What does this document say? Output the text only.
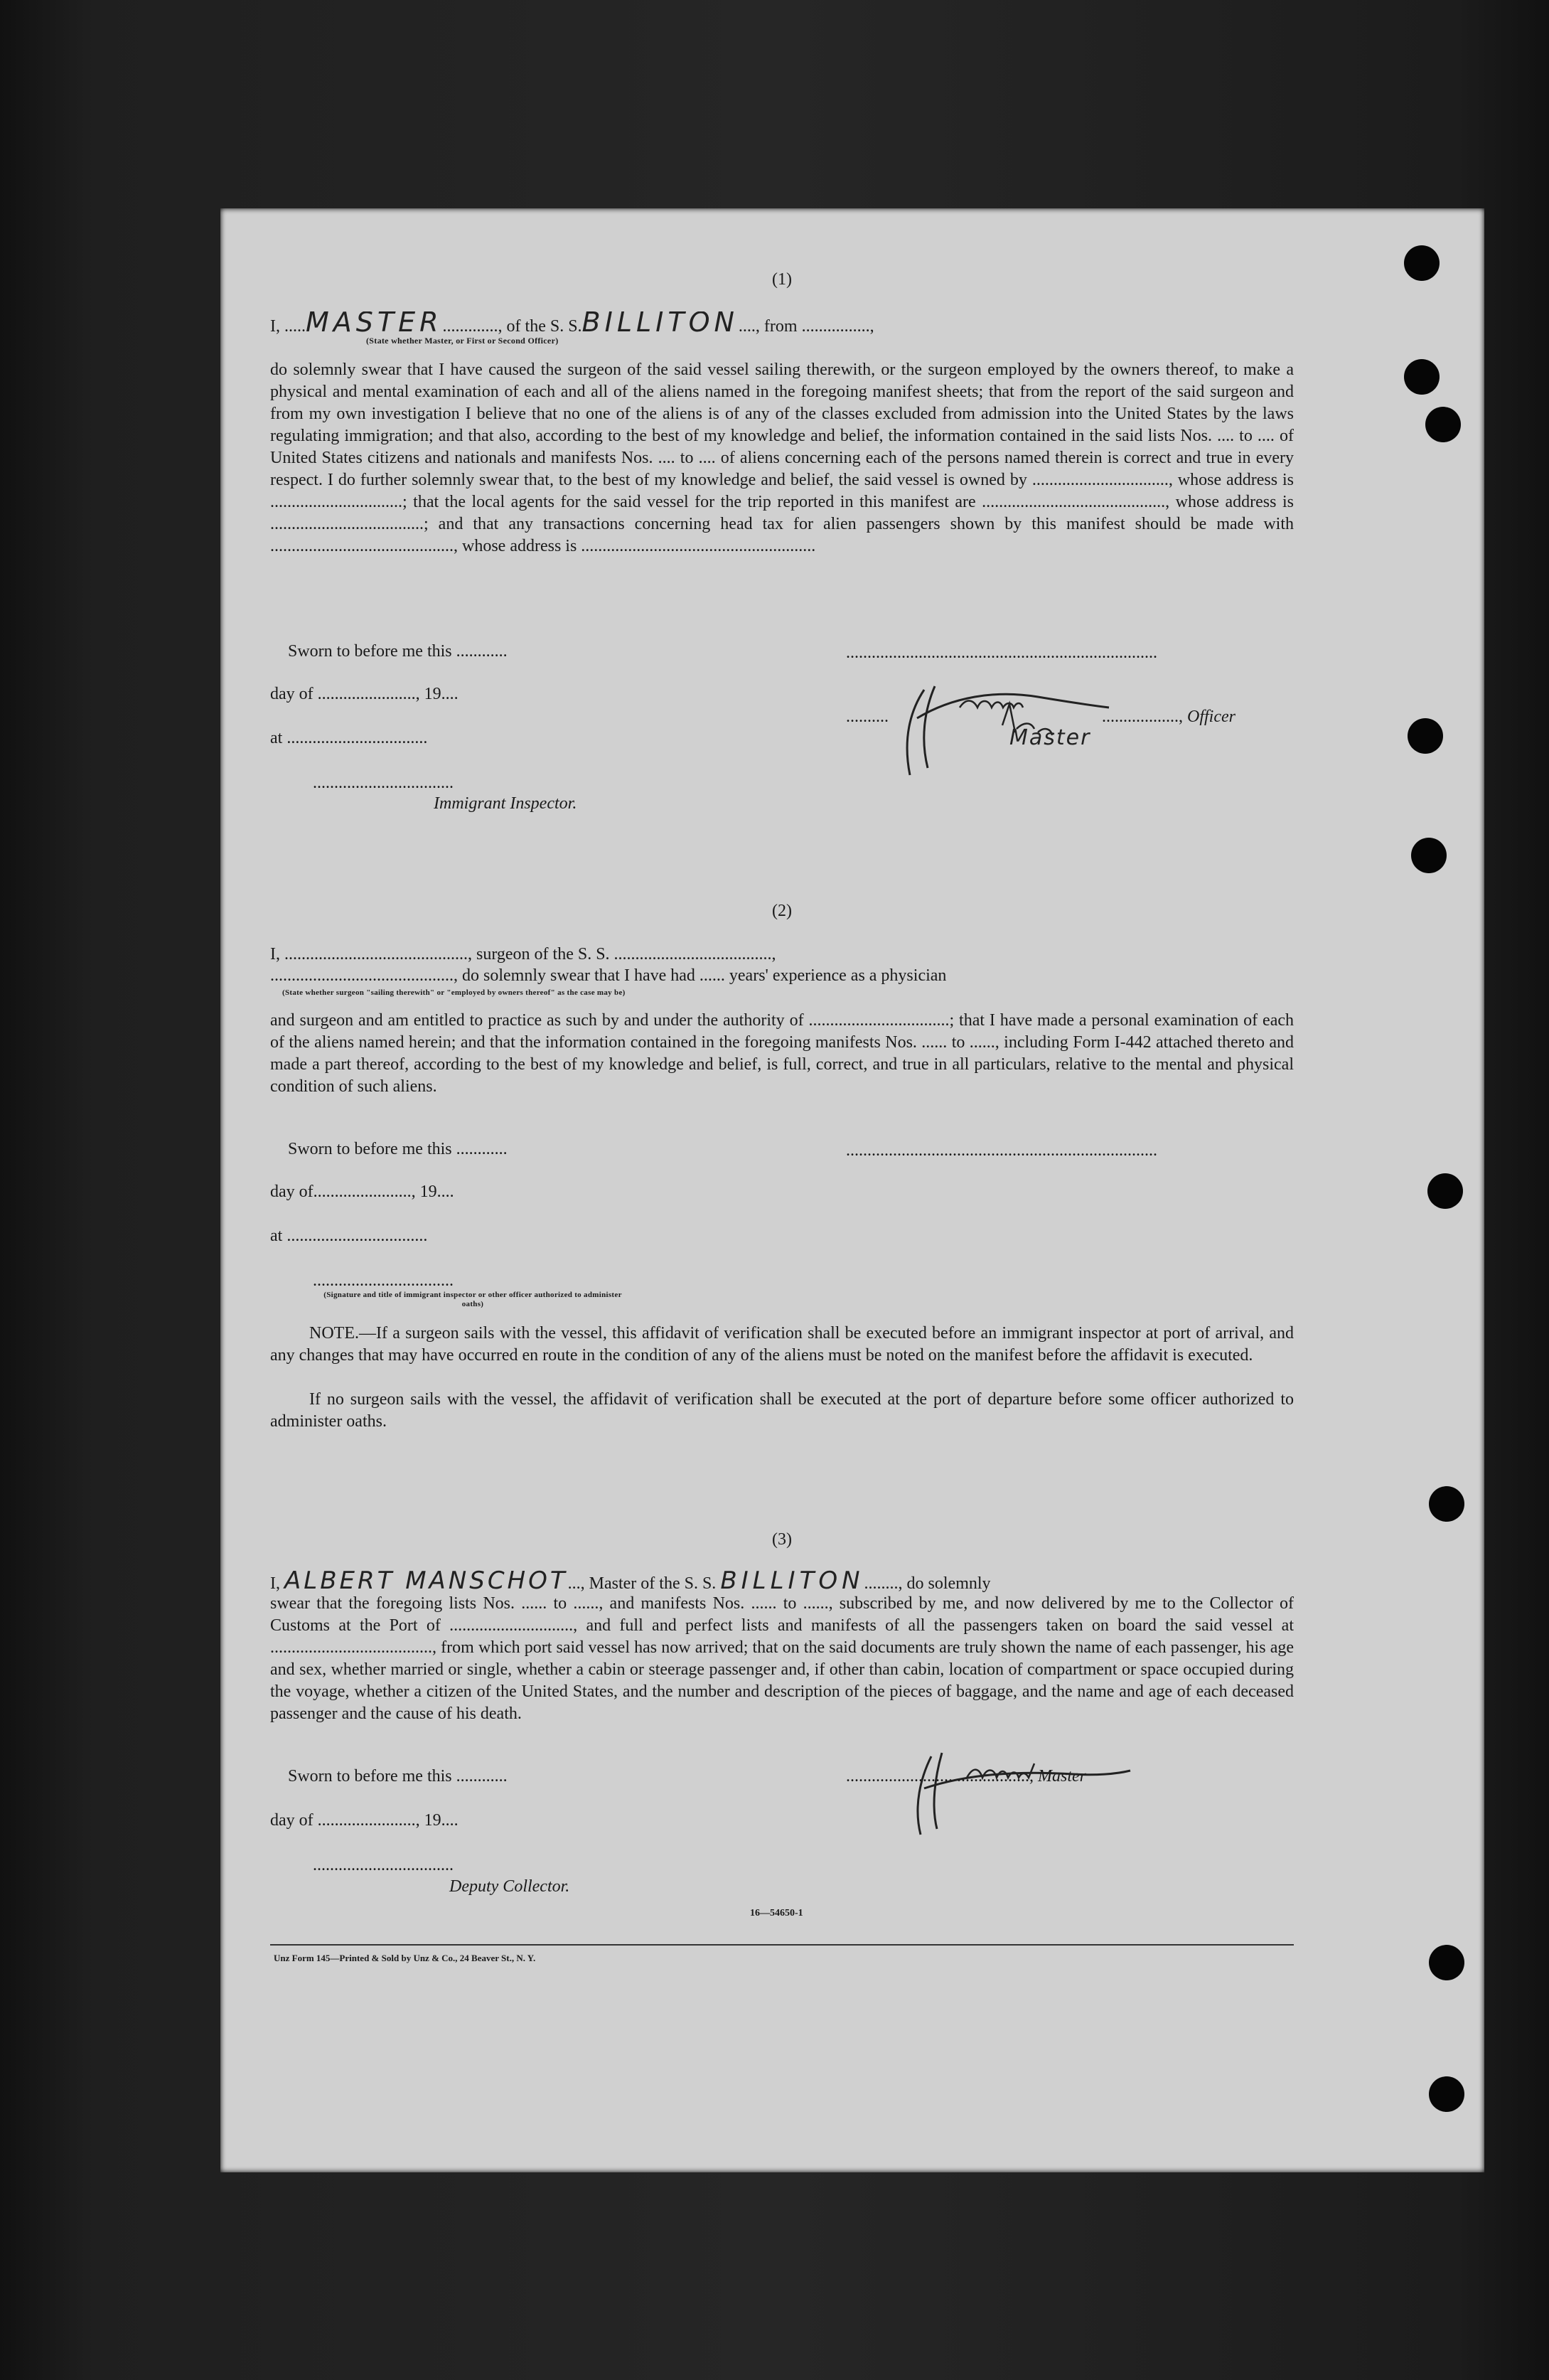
(1)
I, .....MASTER............., of the S. S.BILLITON...., from ................,
(State whether Master, or First or Second Officer)
do solemnly swear that I have caused the surgeon of the said vessel sailing therewith, or the surgeon employed by the owners thereof, to make a physical and mental examination of each and all of the aliens named in the foregoing manifest sheets; that from the report of the said surgeon and from my own investigation I believe that no one of the aliens is of any of the classes excluded from admission into the United States by the laws regulating immigration; and that also, according to the best of my knowledge and belief, the information contained in the said lists Nos. .... to .... of United States citizens and nationals and manifests Nos. .... to .... of aliens concerning each of the persons named therein is correct and true in every respect. I do further solemnly swear that, to the best of my knowledge and belief, the said vessel is owned by ................................, whose address is ...............................; that the local agents for the said vessel for the trip reported in this manifest are ..........................................., whose address is ....................................; and that any transactions concerning head tax for alien passengers shown by this manifest should be made with ..........................................., whose address is .......................................................
Sworn to before me this ............
day of ......................., 19....
at .................................
.................................
Immigrant Inspector.
.........................................................................
..........	.................., Officer
Master
(2)
I, ..........................................., surgeon of the S. S. .....................................,
..........................................., do solemnly swear that I have had ...... years' experience as a physician
(State whether surgeon "sailing therewith" or "employed by owners thereof" as the case may be)
and surgeon and am entitled to practice as such by and under the authority of .................................; that I have made a personal examination of each of the aliens named herein; and that the information contained in the foregoing manifests Nos. ...... to ......, including Form I-442 attached thereto and made a part thereof, according to the best of my knowledge and belief, is full, correct, and true in all particulars, relative to the mental and physical condition of such aliens.
Sworn to before me this ............	.........................................................................
day of......................., 19....
at .................................
.................................
(Signature and title of immigrant inspector or other officer authorized to administer oaths)
NOTE.—If a surgeon sails with the vessel, this affidavit of verification shall be executed before an immigrant inspector at port of arrival, and any changes that may have occurred en route in the condition of any of the aliens must be noted on the manifest before the affidavit is executed.
If no surgeon sails with the vessel, the affidavit of verification shall be executed at the port of departure before some officer authorized to administer oaths.
(3)
I, ALBERT MANSCHOT..., Master of the S. S. BILLITON........, do solemnly
swear that the foregoing lists Nos. ...... to ......, and manifests Nos. ...... to ......, subscribed by me, and now delivered by me to the Collector of Customs at the Port of ............................., and full and perfect lists and manifests of all the passengers taken on board the said vessel at ......................................, from which port said vessel has now arrived; that on the said documents are truly shown the name of each passenger, his age and sex, whether married or single, whether a cabin or steerage passenger and, if other than cabin, location of compartment or space occupied during the voyage, whether a citizen of the United States, and the number and description of the pieces of baggage, and the name and age of each deceased passenger and the cause of his death.
Sworn to before me this ............
day of ......................., 19....
.................................
Deputy Collector.
..........................................., Master
16—54650-1
Unz Form 145—Printed & Sold by Unz & Co., 24 Beaver St., N. Y.
